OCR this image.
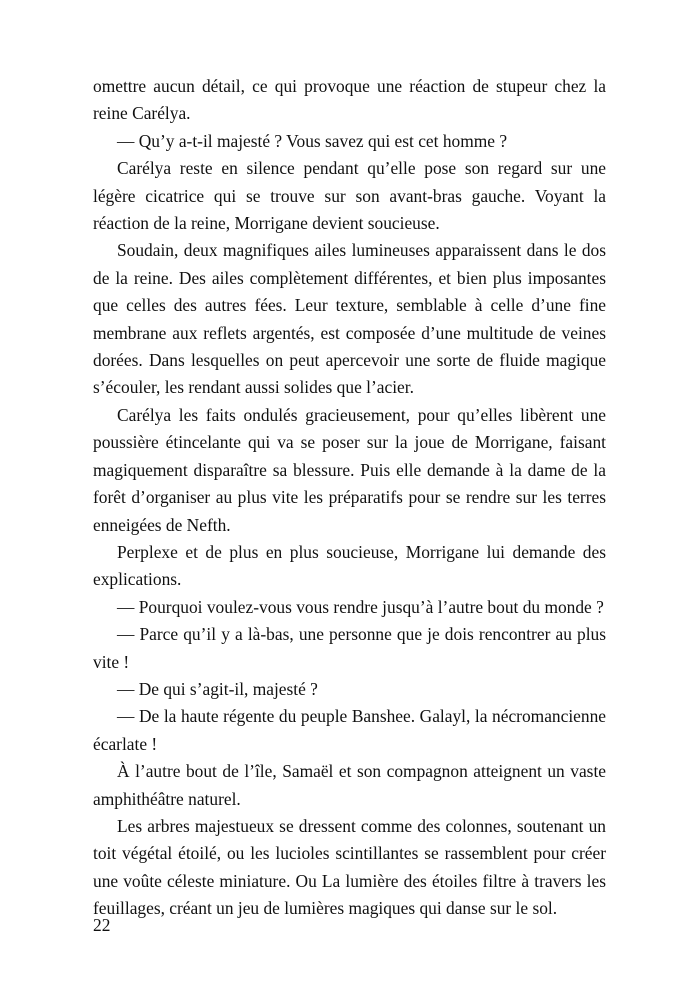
omettre aucun détail, ce qui provoque une réaction de stupeur chez la reine Carélya.

— Qu’y a-t-il majesté ? Vous savez qui est cet homme ?

Carélya reste en silence pendant qu’elle pose son regard sur une légère cicatrice qui se trouve sur son avant-bras gauche. Voyant la réaction de la reine, Morrigane devient soucieuse.

Soudain, deux magnifiques ailes lumineuses apparaissent dans le dos de la reine. Des ailes complètement différentes, et bien plus imposantes que celles des autres fées. Leur texture, semblable à celle d’une fine membrane aux reflets argentés, est composée d’une multitude de veines dorées. Dans lesquelles on peut apercevoir une sorte de fluide magique s’écouler, les rendant aussi solides que l’acier.

Carélya les faits ondulés gracieusement, pour qu’elles libèrent une poussière étincelante qui va se poser sur la joue de Morrigane, faisant magiquement disparaître sa blessure. Puis elle demande à la dame de la forêt d’organiser au plus vite les préparatifs pour se rendre sur les terres enneigées de Nefth.

Perplexe et de plus en plus soucieuse, Morrigane lui demande des explications.

— Pourquoi voulez-vous vous rendre jusqu’à l’autre bout du monde ?

— Parce qu’il y a là-bas, une personne que je dois rencontrer au plus vite !

— De qui s’agit-il, majesté ?

— De la haute régente du peuple Banshee. Galayl, la nécromancienne écarlate !

À l’autre bout de l’île, Samaël et son compagnon atteignent un vaste amphithéâtre naturel.

Les arbres majestueux se dressent comme des colonnes, soutenant un toit végétal étoilé, ou les lucioles scintillantes se rassemblent pour créer une voûte céleste miniature. Ou La lumière des étoiles filtre à travers les feuillages, créant un jeu de lumières magiques qui danse sur le sol.

22
